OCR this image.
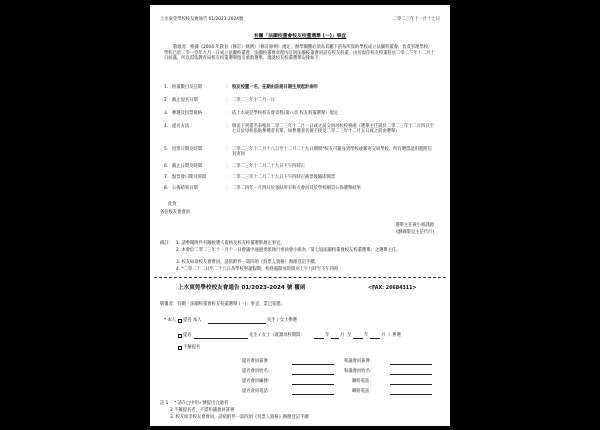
上水東莞學校校友會通告 01/2023-2024號	二零二三年十一月十七日
有關「法團校董會校友校董選舉 (一)」事宜
敬啟者：根據《2004 年教育（修訂）條例》（修訂條例）規定，辦學團體必須為其屬下的每所資助學校成立法團校董會，負責管理學校。學校已於二零一零年九月一日成立法團校董會，法團校董會章程內訂明法團校董會須設有校友校董，由於現任校友校董將於二零二三年十二月十日屆滿，所以需依教育局校友校董選舉指引重新選舉，現就校友校董選舉安排如下：
1. 校董數目及任期	： 校友校董一名，任期由註冊日期生效起計兩年
2. 截止提名日期	： 二零二三年十二月一日
3. 參選及投票資格	： 依上水東莞學校校友會章程(第八章 校友校董選舉）規定
4. 提名方法	： 填妥下列提名表格於二零二三年十二月一日或之前交回母校校務處（選舉主任與於二零二三年十二月四日至七日於母校張貼參選者名單，如參選者名冊不接受二零二三年十二月五日或之前由選舉）
5. 投票日期及時間	： 二零二三年十二月十八日至十二月二十九日期間*校友可親身到學校或郵寄交回學校，所有選票請用邀附信封寄回
6. 截止日期及時間	： 二零二三年十二月二十九日下午四時正
7. 點票會日期及時間	： 二零二三年十二月二十九日下午四時正截票後隨即開票
8. 公佈結果日期	： 二零二四年一月四日於張貼所有校友會員及於學校網頁公佈選舉結果
此致
各位校友會會員
選舉主任黃小姐謹啟
(劉錦榮見主任代行)
備註： 1. 請參閱附件有關候選人資格及校友校董選舉規定事宜。
2. 本會於二零二三年十一月十一日會議中通過委派執行委員會小組為「第七屆法團校董會校友校董選舉」之選舉主任。
3. 校友如欲校友會會員，請依附件一第四項《投票人資格》辦理登記手續。
4. *二零二十二日至二十九日為學校聖誕假期，校務處開放時間為上午九時至下午四時
上水東莞學校校友會通告 01/2023-2024 號 覆函	<FAX: 26684311>
敬覆者：有關「法團校董會校友校董選舉 (一)」事宜，業已知悉。
* 本人 提名 本人	先生 / 女士參選
提名	先生 / 女士（就讀母校期間：	年 月 至	年	月 ）參選
不擬提名
提名會員簽署：	和議會員簽署：
提名會員姓名：	和議會員姓名：
提名會員編號：	聯絡電話：
提名會員電話：	聯絡電話：
註 1 * 請在□中用✓號提出合適者
2 不擬提名者，不需和議會員簽署
3. 校友如非校友會會員，請依附件一第四項《投票人資格》辦理登記手續
